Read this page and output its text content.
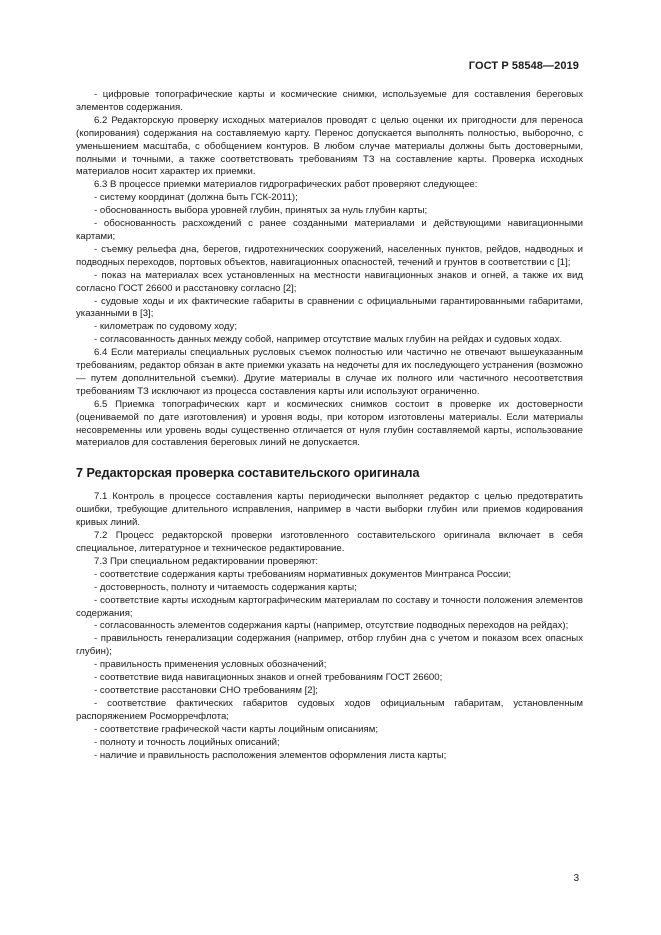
ГОСТ Р 58548—2019

- цифровые топографические карты и космические снимки, используемые для составления береговых элементов содержания.

6.2 Редакторскую проверку исходных материалов проводят с целью оценки их пригодности для переноса (копирования) содержания на составляемую карту. Перенос допускается выполнять полностью, выборочно, с уменьшением масштаба, с обобщением контуров. В любом случае материалы должны быть достоверными, полными и точными, а также соответствовать требованиям ТЗ на составление карты. Проверка исходных материалов носит характер их приемки.

6.3 В процессе приемки материалов гидрографических работ проверяют следующее:

- систему координат (должна быть ГСК-2011);

- обоснованность выбора уровней глубин, принятых за нуль глубин карты;

- обоснованность расхождений с ранее созданными материалами и действующими навигационными картами;

- съемку рельефа дна, берегов, гидротехнических сооружений, населенных пунктов, рейдов, надводных и подводных переходов, портовых объектов, навигационных опасностей, течений и грунтов в соответствии с [1];

- показ на материалах всех установленных на местности навигационных знаков и огней, а также их вид согласно ГОСТ 26600 и расстановку согласно [2];

- судовые ходы и их фактические габариты в сравнении с официальными гарантированными габаритами, указанными в [3];

- километраж по судовому ходу;

- согласованность данных между собой, например отсутствие малых глубин на рейдах и судовых ходах.

6.4 Если материалы специальных русловых съемок полностью или частично не отвечают вышеуказанным требованиям, редактор обязан в акте приемки указать на недочеты для их последующего устранения (возможно — путем дополнительной съемки). Другие материалы в случае их полного или частичного несоответствия требованиям ТЗ исключают из процесса составления карты или используют ограниченно.

6.5 Приемка топографических карт и космических снимков состоит в проверке их достоверности (оцениваемой по дате изготовления) и уровня воды, при котором изготовлены материалы. Если материалы несовременны или уровень воды существенно отличается от нуля глубин составляемой карты, использование материалов для составления береговых линий не допускается.

7 Редакторская проверка составительского оригинала

7.1 Контроль в процессе составления карты периодически выполняет редактор с целью предотвратить ошибки, требующие длительного исправления, например в части выборки глубин или приемов кодирования кривых линий.

7.2 Процесс редакторской проверки изготовленного составительского оригинала включает в себя специальное, литературное и техническое редактирование.

7.3 При специальном редактировании проверяют:

- соответствие содержания карты требованиям нормативных документов Минтранса России;

- достоверность, полноту и читаемость содержания карты;

- соответствие карты исходным картографическим материалам по составу и точности положения элементов содержания;

- согласованность элементов содержания карты (например, отсутствие подводных переходов на рейдах);

- правильность генерализации содержания (например, отбор глубин дна с учетом и показом всех опасных глубин);

- правильность применения условных обозначений;

- соответствие вида навигационных знаков и огней требованиям ГОСТ 26600;

- соответствие расстановки СНО требованиям [2];

- соответствие фактических габаритов судовых ходов официальным габаритам, установленным распоряжением Росморречфлота;

- соответствие графической части карты лоцийным описаниям;

- полноту и точность лоцийных описаний;

- наличие и правильность расположения элементов оформления листа карты;

3
